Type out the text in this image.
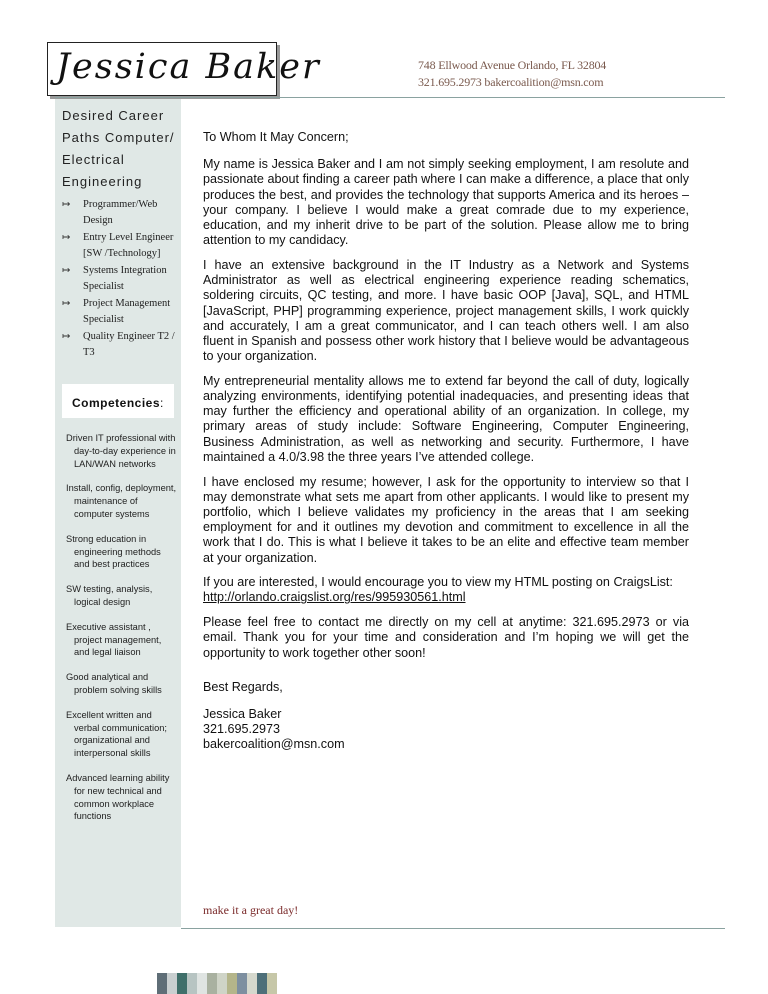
Jessica Baker	748 Ellwood Avenue Orlando, FL 32804
321.695.2973 bakercoalition@msn.com
Desired Career
Paths Computer/
Electrical
Engineering
↦ Programmer/Web Design
↦ Entry Level Engineer [SW /Technology]
↦ Systems Integration Specialist
↦ Project Management Specialist
↦ Quality Engineer T2 / T3
Competencies:
Driven IT professional with day-to-day experience in LAN/WAN networks
Install, config, deployment, maintenance of computer systems
Strong education in engineering methods and best practices
SW testing, analysis, logical design
Executive assistant , project management, and legal liaison
Good analytical and problem solving skills
Excellent written and verbal communication; organizational and interpersonal skills
Advanced learning ability for new technical and common workplace functions

To Whom It May Concern;

My name is Jessica Baker and I am not simply seeking employment, I am resolute and passionate about finding a career path where I can make a difference, a place that only produces the best, and provides the technology that supports America and its heroes – your company. I believe I would make a great comrade due to my experience, education, and my inherit drive to be part of the solution. Please allow me to bring attention to my candidacy.

I have an extensive background in the IT Industry as a Network and Systems Administrator as well as electrical engineering experience reading schematics, soldering circuits, QC testing, and more. I have basic OOP [Java], SQL, and HTML [JavaScript, PHP] programming experience, project management skills, I work quickly and accurately, I am a great communicator, and I can teach others well. I am also fluent in Spanish and possess other work history that I believe would be advantageous to your organization.

My entrepreneurial mentality allows me to extend far beyond the call of duty, logically analyzing environments, identifying potential inadequacies, and presenting ideas that may further the efficiency and operational ability of an organization. In college, my primary areas of study include: Software Engineering, Computer Engineering, Business Administration, as well as networking and security. Furthermore, I have maintained a 4.0/3.98 the three years I’ve attended college.

I have enclosed my resume; however, I ask for the opportunity to interview so that I may demonstrate what sets me apart from other applicants. I would like to present my portfolio, which I believe validates my proficiency in the areas that I am seeking employment for and it outlines my devotion and commitment to excellence in all the work that I do. This is what I believe it takes to be an elite and effective team member at your organization.

If you are interested, I would encourage you to view my HTML posting on CraigsList:
http://orlando.craigslist.org/res/995930561.html

Please feel free to contact me directly on my cell at anytime: 321.695.2973 or via email. Thank you for your time and consideration and I’m hoping we will get the opportunity to work together other soon!

Best Regards,

Jessica Baker
321.695.2973
bakercoalition@msn.com

make it a great day!
